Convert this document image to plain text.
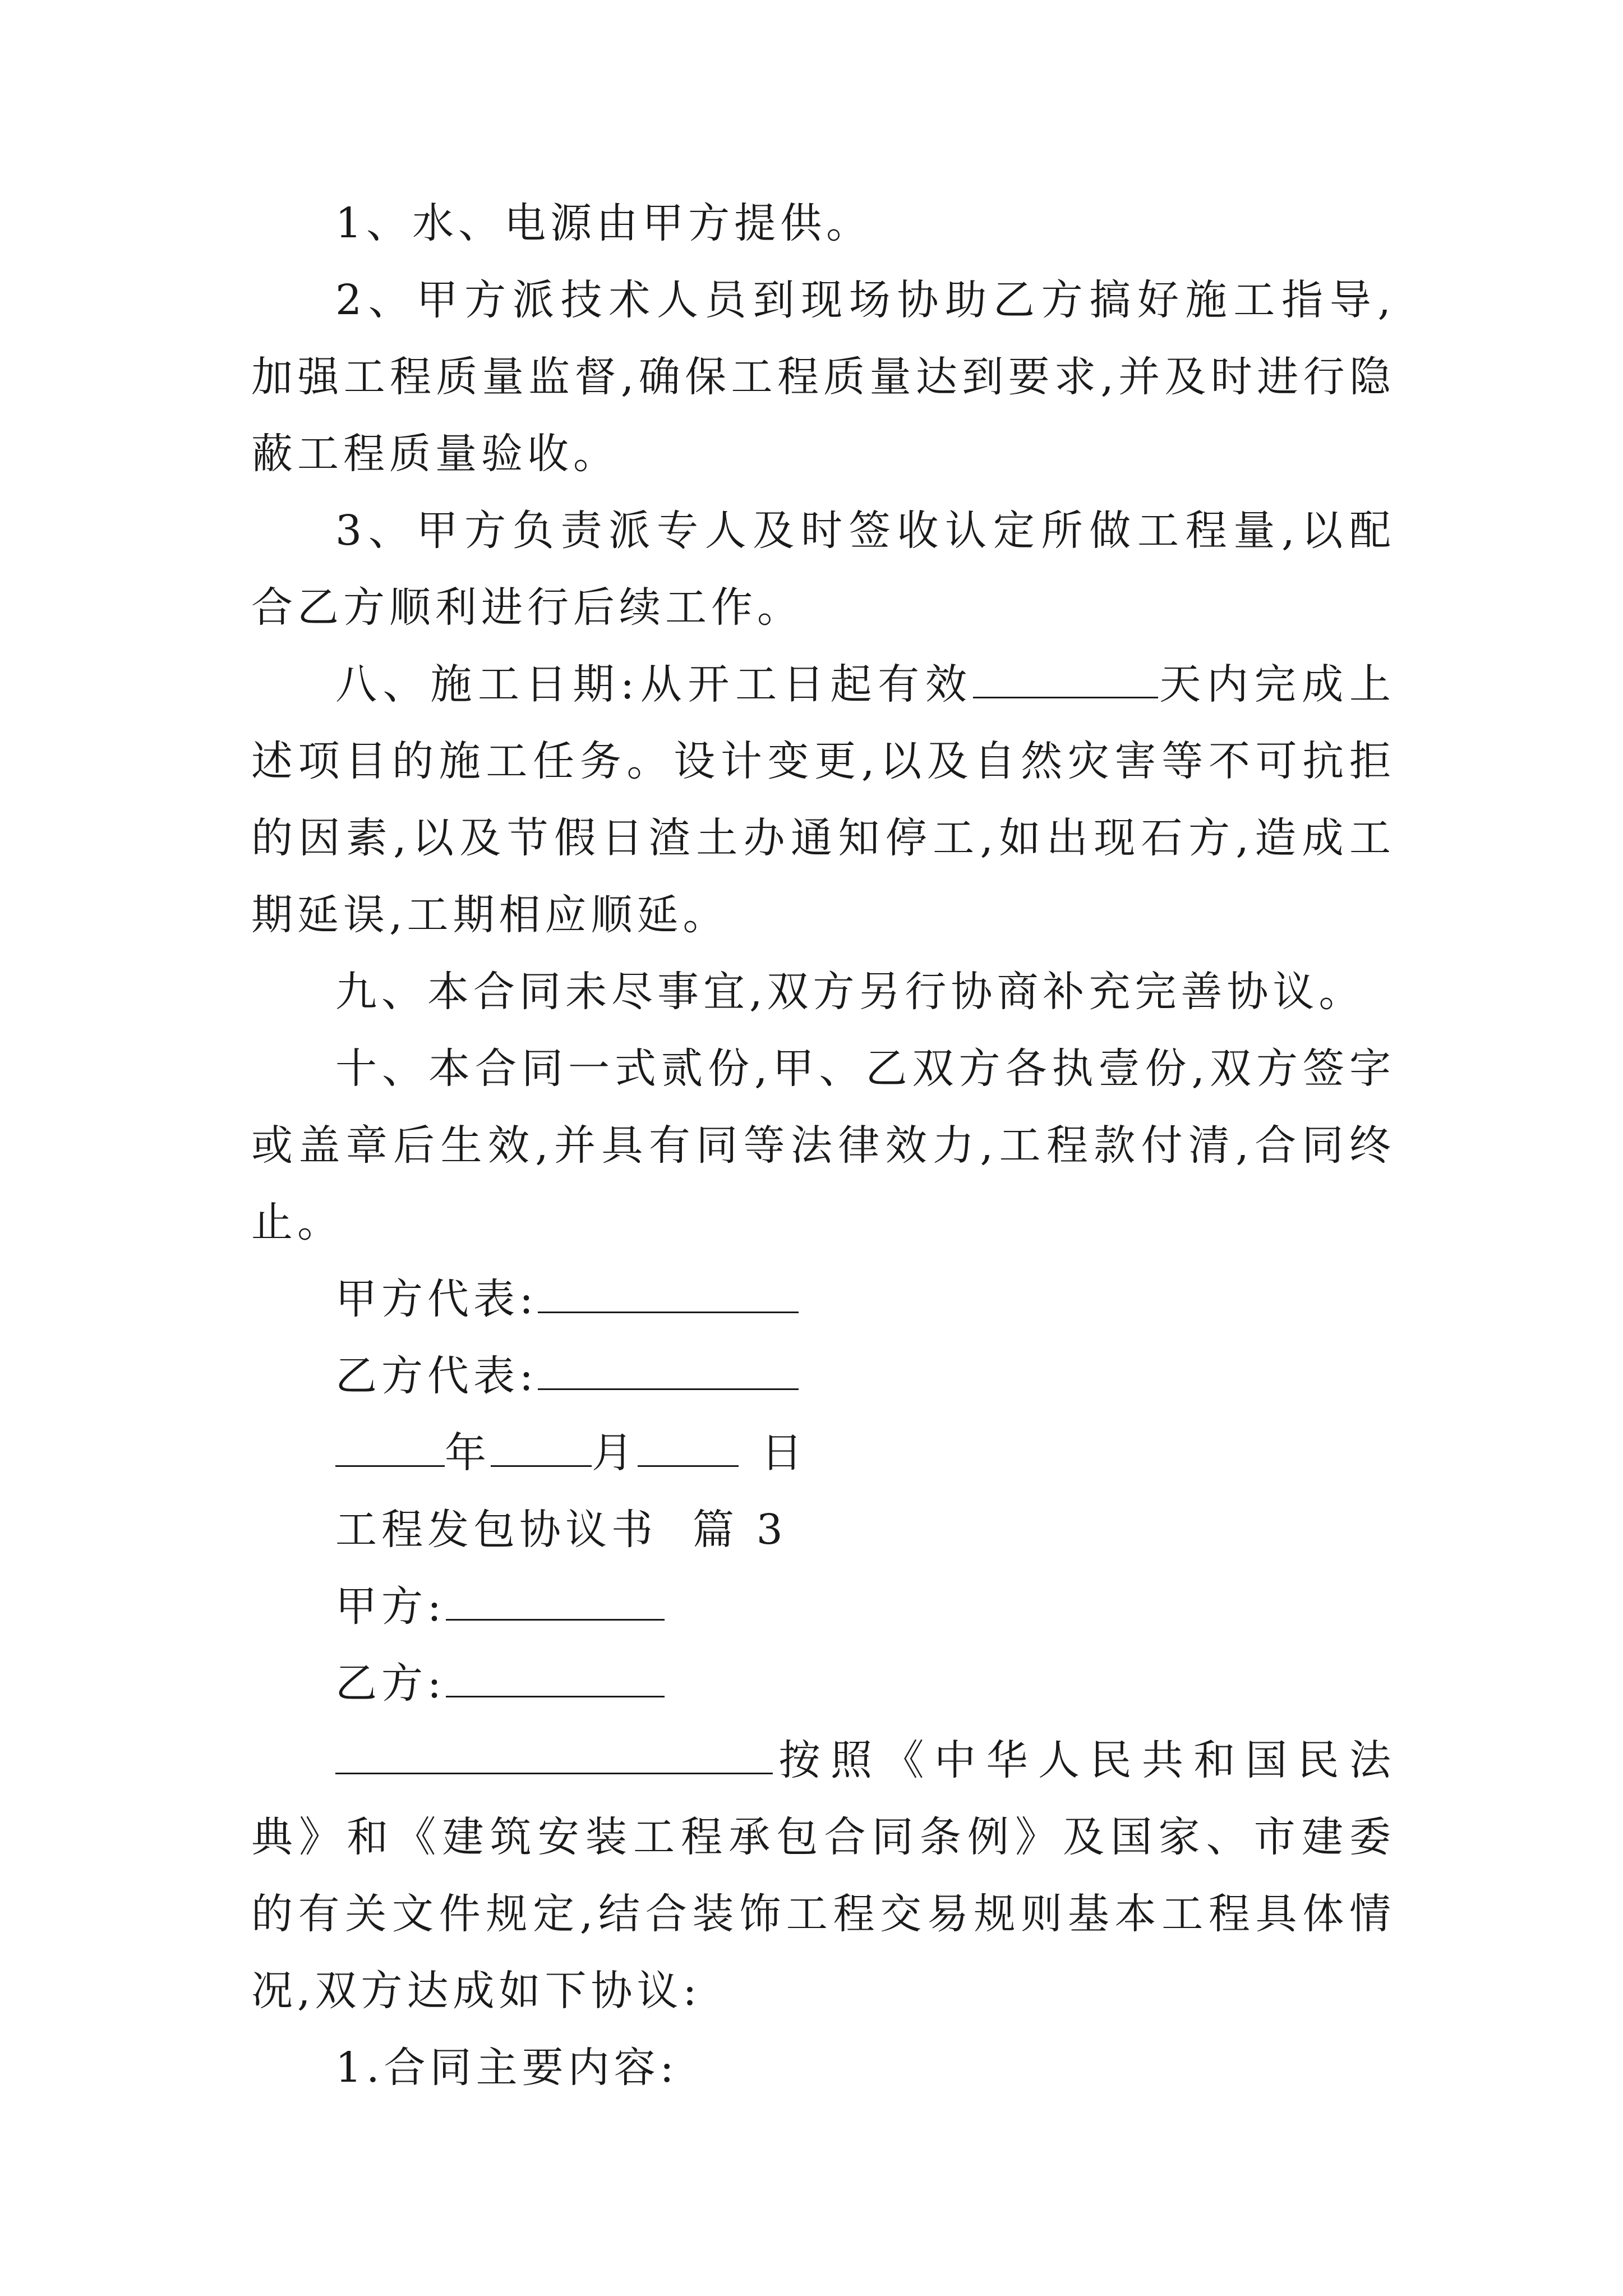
1、水、电源由甲方提供。

2、甲方派技术人员到现场协助乙方搞好施工指导,加强工程质量监督,确保工程质量达到要求,并及时进行隐蔽工程质量验收。

3、甲方负责派专人及时签收认定所做工程量,以配合乙方顺利进行后续工作。

八、施工日期:从开工日起有效	天内完成上述项目的施工任务。设计变更,以及自然灾害等不可抗拒的因素,以及节假日渣土办通知停工,如出现石方,造成工期延误,工期相应顺延。

九、本合同未尽事宜,双方另行协商补充完善协议。

十、本合同一式贰份,甲、乙双方各执壹份,双方签字或盖章后生效,并具有同等法律效力,工程款付清,合同终止。

甲方代表:

乙方代表:

年 月	日

工程发包协议书  篇 3

甲方:

乙方:

按照《中华人民共和国民法典》和《建筑安装工程承包合同条例》及国家、市建委的有关文件规定,结合装饰工程交易规则基本工程具体情况,双方达成如下协议:

1.合同主要内容:
